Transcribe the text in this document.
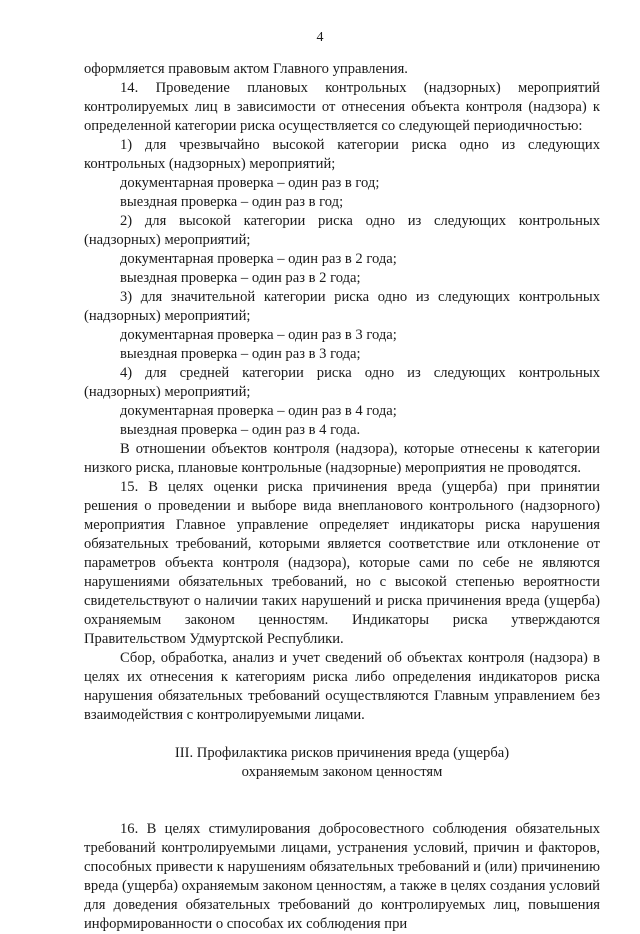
4

оформляется правовым актом Главного управления.

14. Проведение плановых контрольных (надзорных) мероприятий контролируемых лиц в зависимости от отнесения объекта контроля (надзора) к определенной категории риска осуществляется со следующей периодичностью:

1) для чрезвычайно высокой категории риска одно из следующих контрольных (надзорных) мероприятий;

документарная проверка – один раз в год;

выездная проверка – один раз в год;

2) для высокой категории риска одно из следующих контрольных (надзорных) мероприятий;

документарная проверка – один раз в 2 года;

выездная проверка – один раз в 2 года;

3) для значительной категории риска одно из следующих контрольных (надзорных) мероприятий;

документарная проверка – один раз в 3 года;

выездная проверка – один раз в 3 года;

4) для средней категории риска одно из следующих контрольных (надзорных) мероприятий;

документарная проверка – один раз в 4 года;

выездная проверка – один раз в 4 года.

В отношении объектов контроля (надзора), которые отнесены к категории низкого риска, плановые контрольные (надзорные) мероприятия не проводятся.

15. В целях оценки риска причинения вреда (ущерба) при принятии решения о проведении и выборе вида внепланового контрольного (надзорного) мероприятия Главное управление определяет индикаторы риска нарушения обязательных требований, которыми является соответствие или отклонение от параметров объекта контроля (надзора), которые сами по себе не являются нарушениями обязательных требований, но с высокой степенью вероятности свидетельствуют о наличии таких нарушений и риска причинения вреда (ущерба) охраняемым законом ценностям. Индикаторы риска утверждаются Правительством Удмуртской Республики.

Сбор, обработка, анализ и учет сведений об объектах контроля (надзора) в целях их отнесения к категориям риска либо определения индикаторов риска нарушения обязательных требований осуществляются Главным управлением без взаимодействия с контролируемыми лицами.

III. Профилактика рисков причинения вреда (ущерба)
охраняемым законом ценностям

16. В целях стимулирования добросовестного соблюдения обязательных требований контролируемыми лицами, устранения условий, причин и факторов, способных привести к нарушениям обязательных требований и (или) причинению вреда (ущерба) охраняемым законом ценностям, а также в целях создания условий для доведения обязательных требований до контролируемых лиц, повышения информированности о способах их соблюдения при
